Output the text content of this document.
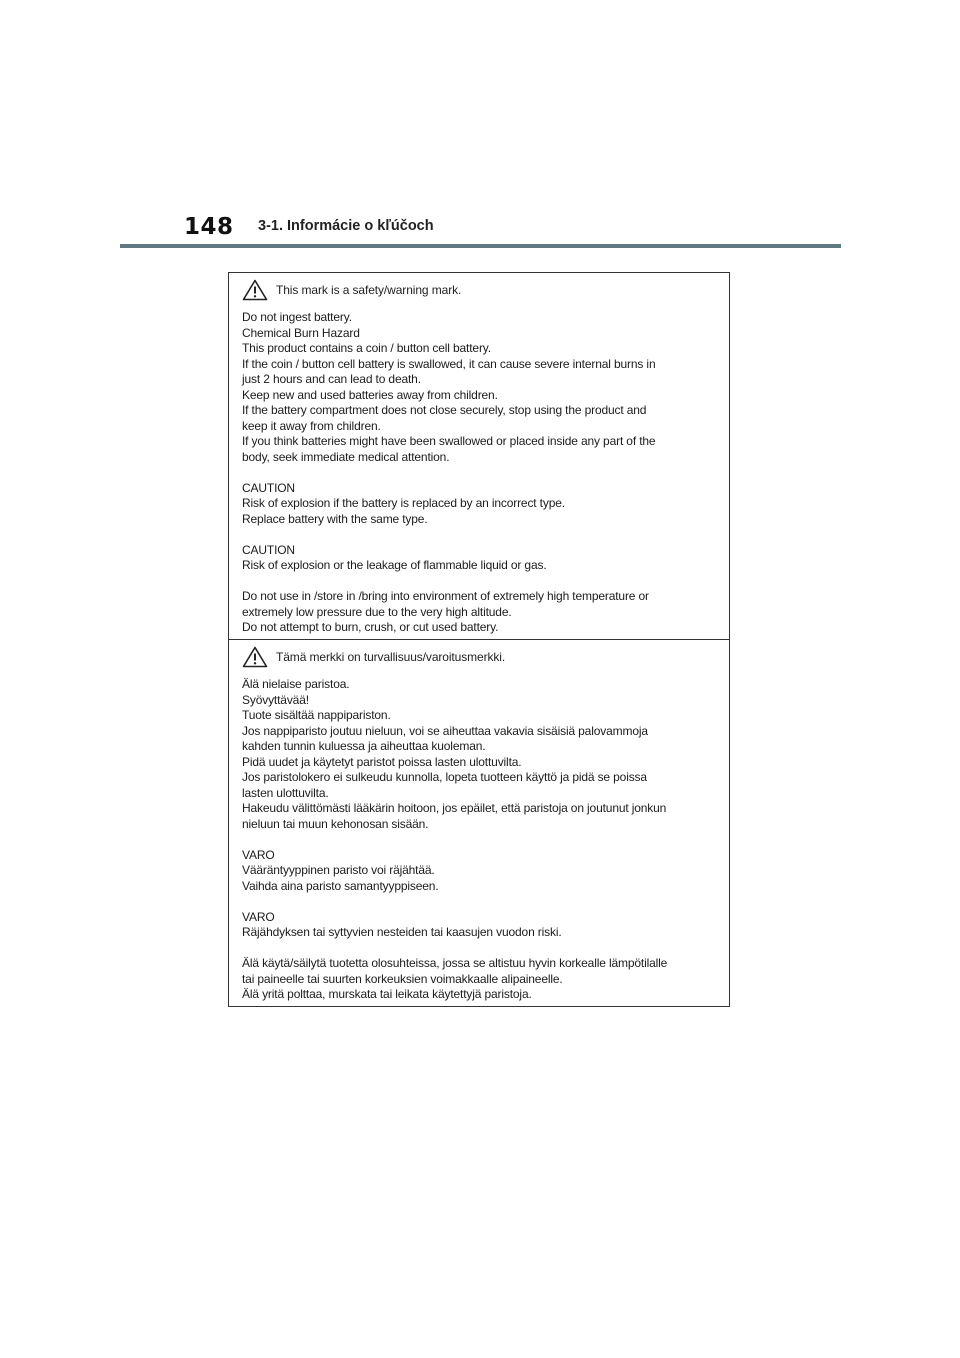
148 3-1. Informácie o kľúčoch
This mark is a safety/warning mark.

Do not ingest battery.
Chemical Burn Hazard
This product contains a coin / button cell battery.
If the coin / button cell battery is swallowed, it can cause severe internal burns in
just 2 hours and can lead to death.
Keep new and used batteries away from children.
If the battery compartment does not close securely, stop using the product and
keep it away from children.
If you think batteries might have been swallowed or placed inside any part of the
body, seek immediate medical attention.

CAUTION
Risk of explosion if the battery is replaced by an incorrect type.
Replace battery with the same type.

CAUTION
Risk of explosion or the leakage of flammable liquid or gas.

Do not use in /store in /bring into environment of extremely high temperature or
extremely low pressure due to the very high altitude.
Do not attempt to burn, crush, or cut used battery.

Tämä merkki on turvallisuus/varoitusmerkki.

Älä nielaise paristoa.
Syövyttävää!
Tuote sisältää nappipariston.
Jos nappiparisto joutuu nieluun, voi se aiheuttaa vakavia sisäisiä palovammoja
kahden tunnin kuluessa ja aiheuttaa kuoleman.
Pidä uudet ja käytetyt paristot poissa lasten ulottuvilta.
Jos paristolokero ei sulkeudu kunnolla, lopeta tuotteen käyttö ja pidä se poissa
lasten ulottuvilta.
Hakeudu välittömästi lääkärin hoitoon, jos epäilet, että paristoja on joutunut jonkun
nieluun tai muun kehonosan sisään.

VARO
Vääräntyyppinen paristo voi räjähtää.
Vaihda aina paristo samantyyppiseen.

VARO
Räjähdyksen tai syttyvien nesteiden tai kaasujen vuodon riski.

Älä käytä/säilytä tuotetta olosuhteissa, jossa se altistuu hyvin korkealle lämpötilalle
tai paineelle tai suurten korkeuksien voimakkaalle alipaineelle.
Älä yritä polttaa, murskata tai leikata käytettyjä paristoja.
